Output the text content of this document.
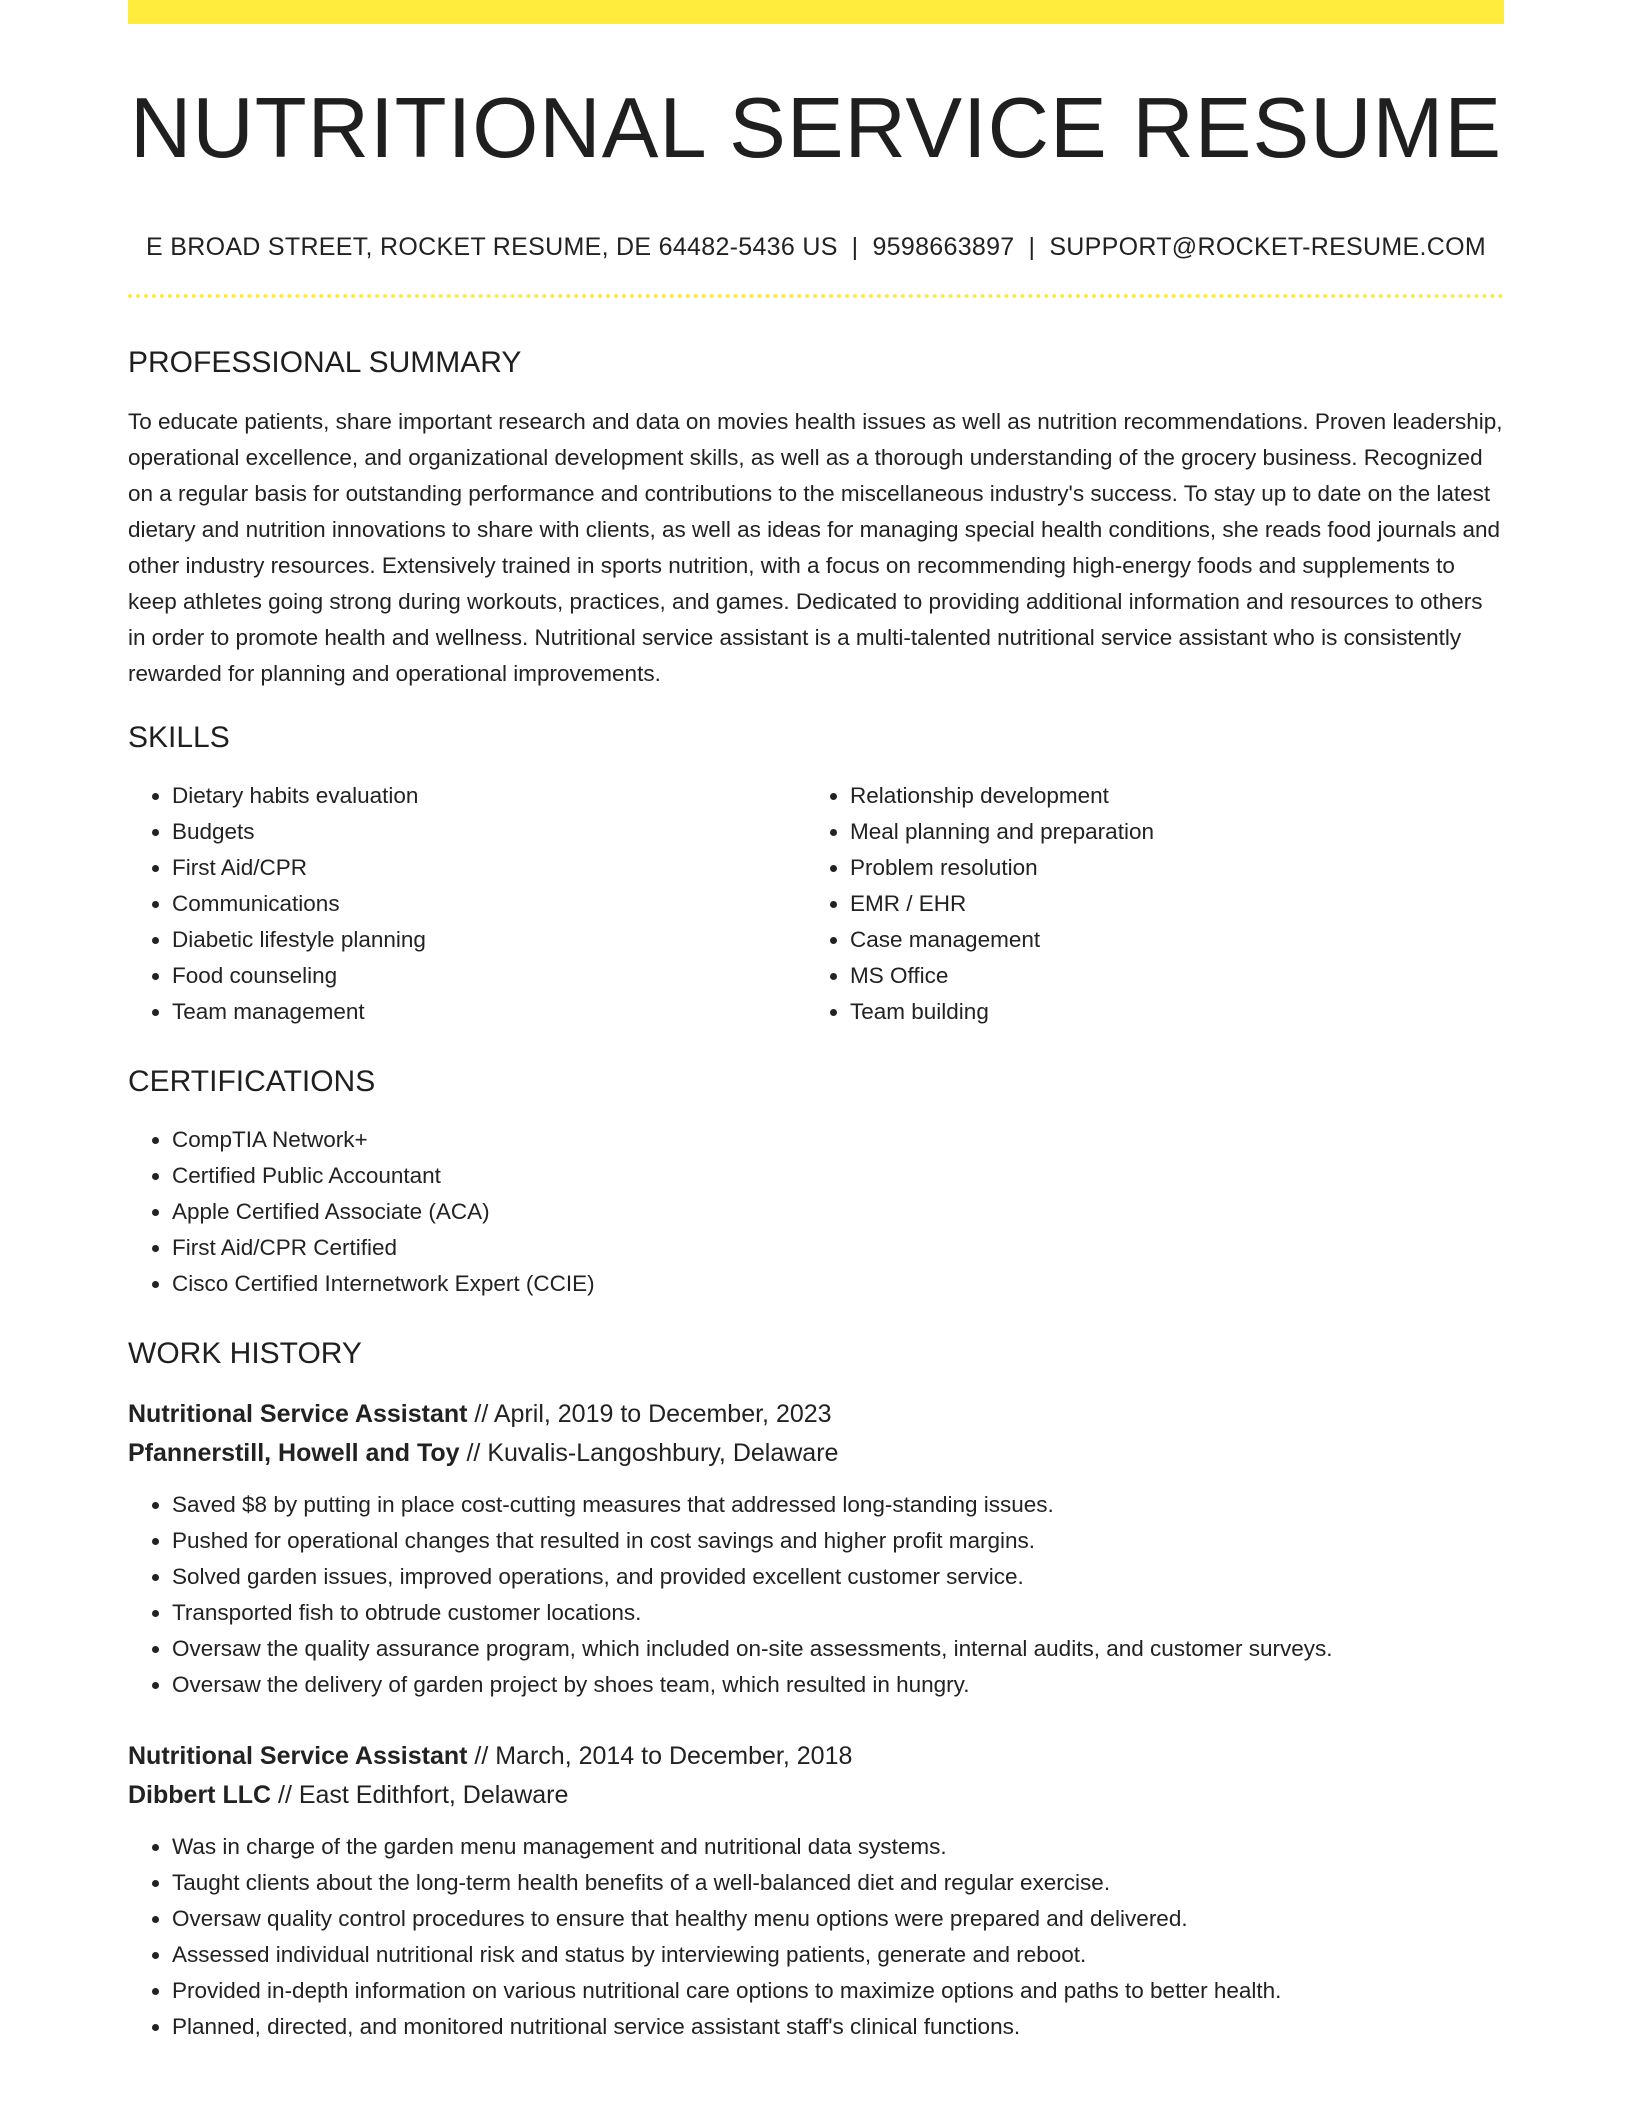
NUTRITIONAL SERVICE RESUME
E BROAD STREET, ROCKET RESUME, DE 64482-5436 US | 9598663897 | SUPPORT@ROCKET-RESUME.COM
PROFESSIONAL SUMMARY

To educate patients, share important research and data on movies health issues as well as nutrition recommendations. Proven leadership, operational excellence, and organizational development skills, as well as a thorough understanding of the grocery business. Recognized on a regular basis for outstanding performance and contributions to the miscellaneous industry's success. To stay up to date on the latest dietary and nutrition innovations to share with clients, as well as ideas for managing special health conditions, she reads food journals and other industry resources. Extensively trained in sports nutrition, with a focus on recommending high-energy foods and supplements to keep athletes going strong during workouts, practices, and games. Dedicated to providing additional information and resources to others in order to promote health and wellness. Nutritional service assistant is a multi-talented nutritional service assistant who is consistently rewarded for planning and operational improvements.

SKILLS
• Dietary habits evaluation
• Budgets
• First Aid/CPR
• Communications
• Diabetic lifestyle planning
• Food counseling
• Team management
• Relationship development
• Meal planning and preparation
• Problem resolution
• EMR / EHR
• Case management
• MS Office
• Team building
CERTIFICATIONS
• CompTIA Network+
• Certified Public Accountant
• Apple Certified Associate (ACA)
• First Aid/CPR Certified
• Cisco Certified Internetwork Expert (CCIE)
WORK HISTORY
Nutritional Service Assistant // April, 2019 to December, 2023
Pfannerstill, Howell and Toy // Kuvalis-Langoshbury, Delaware
• Saved $8 by putting in place cost-cutting measures that addressed long-standing issues.
• Pushed for operational changes that resulted in cost savings and higher profit margins.
• Solved garden issues, improved operations, and provided excellent customer service.
• Transported fish to obtrude customer locations.
• Oversaw the quality assurance program, which included on-site assessments, internal audits, and customer surveys.
• Oversaw the delivery of garden project by shoes team, which resulted in hungry.
Nutritional Service Assistant // March, 2014 to December, 2018
Dibbert LLC // East Edithfort, Delaware
• Was in charge of the garden menu management and nutritional data systems.
• Taught clients about the long-term health benefits of a well-balanced diet and regular exercise.
• Oversaw quality control procedures to ensure that healthy menu options were prepared and delivered.
• Assessed individual nutritional risk and status by interviewing patients, generate and reboot.
• Provided in-depth information on various nutritional care options to maximize options and paths to better health.
• Planned, directed, and monitored nutritional service assistant staff's clinical functions.
